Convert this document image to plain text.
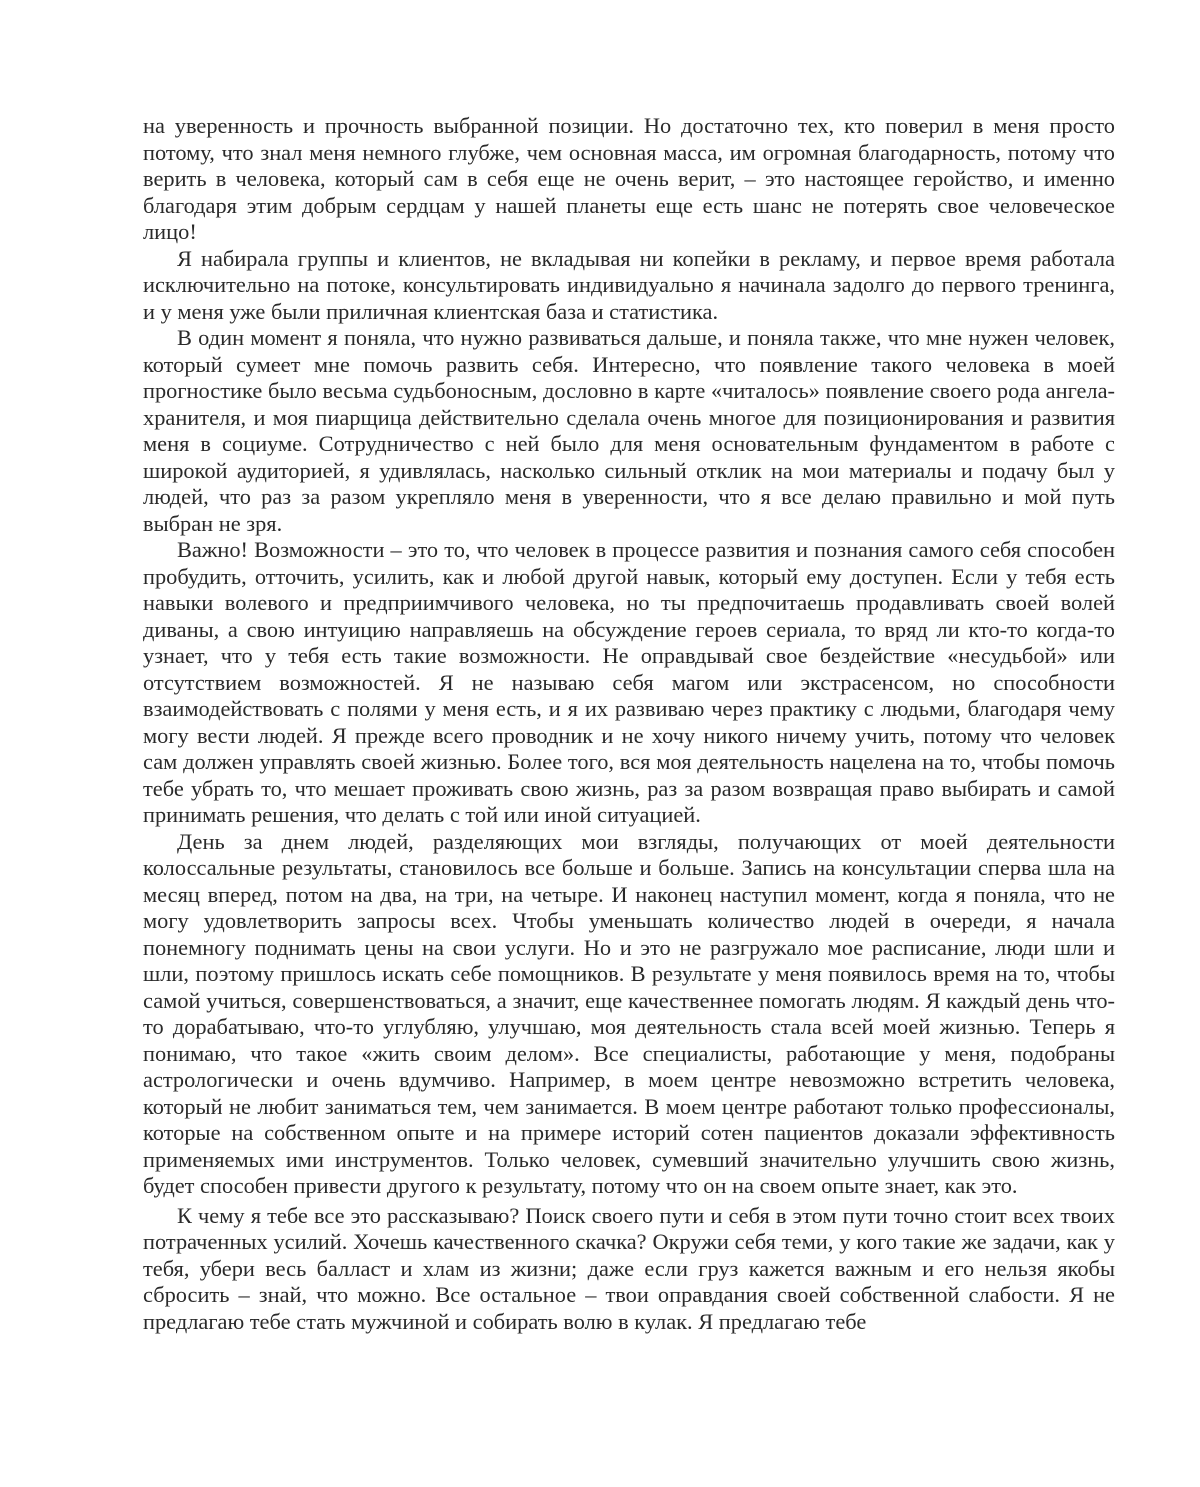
на уверенность и прочность выбранной позиции. Но достаточно тех, кто поверил в меня просто потому, что знал меня немного глубже, чем основная масса, им огромная благодарность, потому что верить в человека, который сам в себя еще не очень верит, – это настоящее геройство, и именно благодаря этим добрым сердцам у нашей планеты еще есть шанс не потерять свое человеческое лицо!

Я набирала группы и клиентов, не вкладывая ни копейки в рекламу, и первое время работала исключительно на потоке, консультировать индивидуально я начинала задолго до первого тренинга, и у меня уже были приличная клиентская база и статистика.

В один момент я поняла, что нужно развиваться дальше, и поняла также, что мне нужен человек, который сумеет мне помочь развить себя. Интересно, что появление такого человека в моей прогностике было весьма судьбоносным, дословно в карте «читалось» появление своего рода ангела-хранителя, и моя пиарщица действительно сделала очень многое для позиционирования и развития меня в социуме. Сотрудничество с ней было для меня основательным фундаментом в работе с широкой аудиторией, я удивлялась, насколько сильный отклик на мои материалы и подачу был у людей, что раз за разом укрепляло меня в уверенности, что я все делаю правильно и мой путь выбран не зря.

Важно! Возможности – это то, что человек в процессе развития и познания самого себя способен пробудить, отточить, усилить, как и любой другой навык, который ему доступен. Если у тебя есть навыки волевого и предприимчивого человека, но ты предпочитаешь продавливать своей волей диваны, а свою интуицию направляешь на обсуждение героев сериала, то вряд ли кто-то когда-то узнает, что у тебя есть такие возможности. Не оправдывай свое бездействие «несудьбой» или отсутствием возможностей. Я не называю себя магом или экстрасенсом, но способности взаимодействовать с полями у меня есть, и я их развиваю через практику с людьми, благодаря чему могу вести людей. Я прежде всего проводник и не хочу никого ничему учить, потому что человек сам должен управлять своей жизнью. Более того, вся моя деятельность нацелена на то, чтобы помочь тебе убрать то, что мешает проживать свою жизнь, раз за разом возвращая право выбирать и самой принимать решения, что делать с той или иной ситуацией.

День за днем людей, разделяющих мои взгляды, получающих от моей деятельности колоссальные результаты, становилось все больше и больше. Запись на консультации сперва шла на месяц вперед, потом на два, на три, на четыре. И наконец наступил момент, когда я поняла, что не могу удовлетворить запросы всех. Чтобы уменьшать количество людей в очереди, я начала понемногу поднимать цены на свои услуги. Но и это не разгружало мое расписание, люди шли и шли, поэтому пришлось искать себе помощников. В результате у меня появилось время на то, чтобы самой учиться, совершенствоваться, а значит, еще качественнее помогать людям. Я каждый день что-то дорабатываю, что-то углубляю, улучшаю, моя деятельность стала всей моей жизнью. Теперь я понимаю, что такое «жить своим делом». Все специалисты, работающие у меня, подобраны астрологически и очень вдумчиво. Например, в моем центре невозможно встретить человека, который не любит заниматься тем, чем занимается. В моем центре работают только профессионалы, которые на собственном опыте и на примере историй сотен пациентов доказали эффективность применяемых ими инструментов. Только человек, сумевший значительно улучшить свою жизнь, будет способен привести другого к результату, потому что он на своем опыте знает, как это.

К чему я тебе все это рассказываю? Поиск своего пути и себя в этом пути точно стоит всех твоих потраченных усилий. Хочешь качественного скачка? Окружи себя теми, у кого такие же задачи, как у тебя, убери весь балласт и хлам из жизни; даже если груз кажется важным и его нельзя якобы сбросить – знай, что можно. Все остальное – твои оправдания своей собственной слабости. Я не предлагаю тебе стать мужчиной и собирать волю в кулак. Я предлагаю тебе
